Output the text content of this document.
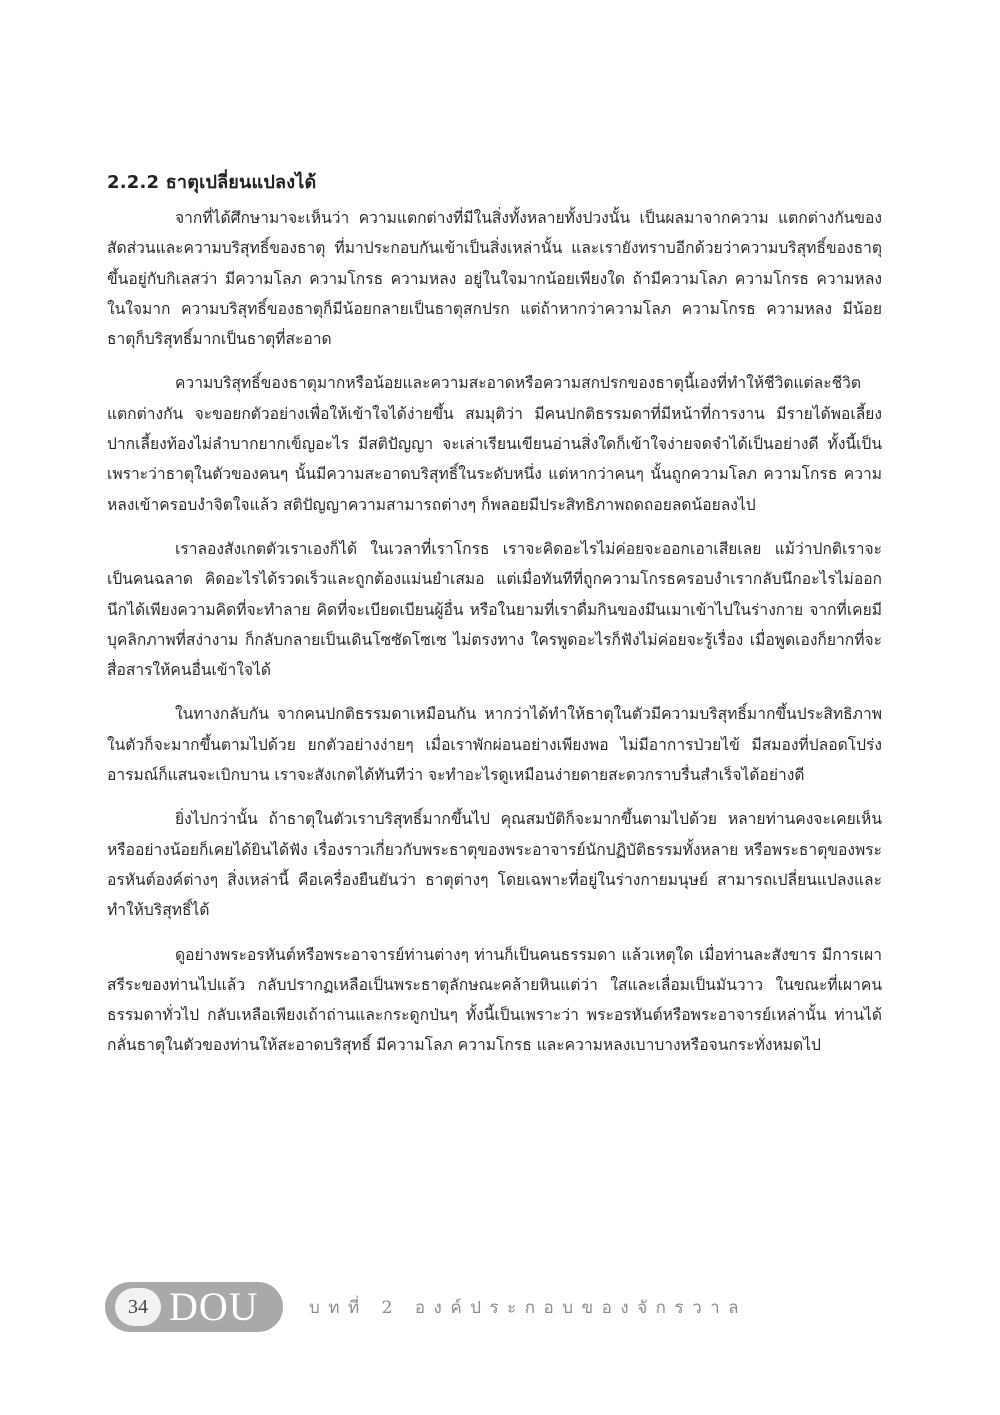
2.2.2 ธาตุเปลี่ยนแปลงได้

จากที่ได้ศึกษามาจะเห็นว่า ความแตกต่างที่มีในสิ่งทั้งหลายทั้งปวงนั้น เป็นผลมาจากความ แตกต่างกันของสัดส่วนและความบริสุทธิ์ของธาตุ ที่มาประกอบกันเข้าเป็นสิ่งเหล่านั้น และเรายังทราบอีกด้วยว่าความบริสุทธิ์ของธาตุ ขึ้นอยู่กับกิเลสว่า มีความโลภ ความโกรธ ความหลง อยู่ในใจมากน้อยเพียงใด ถ้ามีความโลภ ความโกรธ ความหลงในใจมาก ความบริสุทธิ์ของธาตุก็มีน้อยกลายเป็นธาตุสกปรก แต่ถ้าหากว่าความโลภ ความโกรธ ความหลง มีน้อย ธาตุก็บริสุทธิ์มากเป็นธาตุที่สะอาด

ความบริสุทธิ์ของธาตุมากหรือน้อยและความสะอาดหรือความสกปรกของธาตุนี้เองที่ทำให้ชีวิตแต่ละชีวิตแตกต่างกัน จะขอยกตัวอย่างเพื่อให้เข้าใจได้ง่ายขึ้น สมมุติว่า มีคนปกติธรรมดาที่มีหน้าที่การงาน มีรายได้พอเลี้ยงปากเลี้ยงท้องไม่ลำบากยากเข็ญอะไร มีสติปัญญา จะเล่าเรียนเขียนอ่านสิ่งใดก็เข้าใจง่ายจดจำได้เป็นอย่างดี ทั้งนี้เป็นเพราะว่าธาตุในตัวของคนๆ นั้นมีความสะอาดบริสุทธิ์ในระดับหนึ่ง แต่หากว่าคนๆ นั้นถูกความโลภ ความโกรธ ความหลงเข้าครอบงำจิตใจแล้ว สติปัญญาความสามารถต่างๆ ก็พลอยมีประสิทธิภาพถดถอยลดน้อยลงไป

เราลองสังเกตตัวเราเองก็ได้ ในเวลาที่เราโกรธ เราจะคิดอะไรไม่ค่อยจะออกเอาเสียเลย แม้ว่าปกติเราจะเป็นคนฉลาด คิดอะไรได้รวดเร็วและถูกต้องแม่นยำเสมอ แต่เมื่อทันทีที่ถูกความโกรธครอบงำเรากลับนึกอะไรไม่ออก นึกได้เพียงความคิดที่จะทำลาย คิดที่จะเบียดเบียนผู้อื่น หรือในยามที่เราดื่มกินของมึนเมาเข้าไปในร่างกาย จากที่เคยมีบุคลิกภาพที่สง่างาม ก็กลับกลายเป็นเดินโซซัดโซเซ ไม่ตรงทาง ใครพูดอะไรก็ฟังไม่ค่อยจะรู้เรื่อง เมื่อพูดเองก็ยากที่จะสื่อสารให้คนอื่นเข้าใจได้

ในทางกลับกัน จากคนปกติธรรมดาเหมือนกัน หากว่าได้ทำให้ธาตุในตัวมีความบริสุทธิ์มากขึ้นประสิทธิภาพในตัวก็จะมากขึ้นตามไปด้วย ยกตัวอย่างง่ายๆ เมื่อเราพักผ่อนอย่างเพียงพอ ไม่มีอาการป่วยไข้ มีสมองที่ปลอดโปร่ง อารมณ์ก็แสนจะเบิกบาน เราจะสังเกตได้ทันทีว่า จะทำอะไรดูเหมือนง่ายดายสะดวกราบรื่นสำเร็จได้อย่างดี

ยิ่งไปกว่านั้น ถ้าธาตุในตัวเราบริสุทธิ์มากขึ้นไป คุณสมบัติก็จะมากขึ้นตามไปด้วย หลายท่านคงจะเคยเห็น หรืออย่างน้อยก็เคยได้ยินได้ฟัง เรื่องราวเกี่ยวกับพระธาตุของพระอาจารย์นักปฏิบัติธรรมทั้งหลาย หรือพระธาตุของพระอรหันต์องค์ต่างๆ สิ่งเหล่านี้ คือเครื่องยืนยันว่า ธาตุต่างๆ โดยเฉพาะที่อยู่ในร่างกายมนุษย์ สามารถเปลี่ยนแปลงและทำให้บริสุทธิ์ได้

ดูอย่างพระอรหันต์หรือพระอาจารย์ท่านต่างๆ ท่านก็เป็นคนธรรมดา แล้วเหตุใด เมื่อท่านละสังขาร มีการเผาสรีระของท่านไปแล้ว กลับปรากฏเหลือเป็นพระธาตุลักษณะคล้ายหินแต่ว่า ใสและเลื่อมเป็นมันวาว ในขณะที่เผาคนธรรมดาทั่วไป กลับเหลือเพียงเถ้าถ่านและกระดูกป่นๆ ทั้งนี้เป็นเพราะว่า พระอรหันต์หรือพระอาจารย์เหล่านั้น ท่านได้กลั่นธาตุในตัวของท่านให้สะอาดบริสุทธิ์ มีความโลภ ความโกรธ และความหลงเบาบางหรือจนกระทั่งหมดไป

34 DOU	บทที่ 2 องค์ประกอบของจักรวาล
